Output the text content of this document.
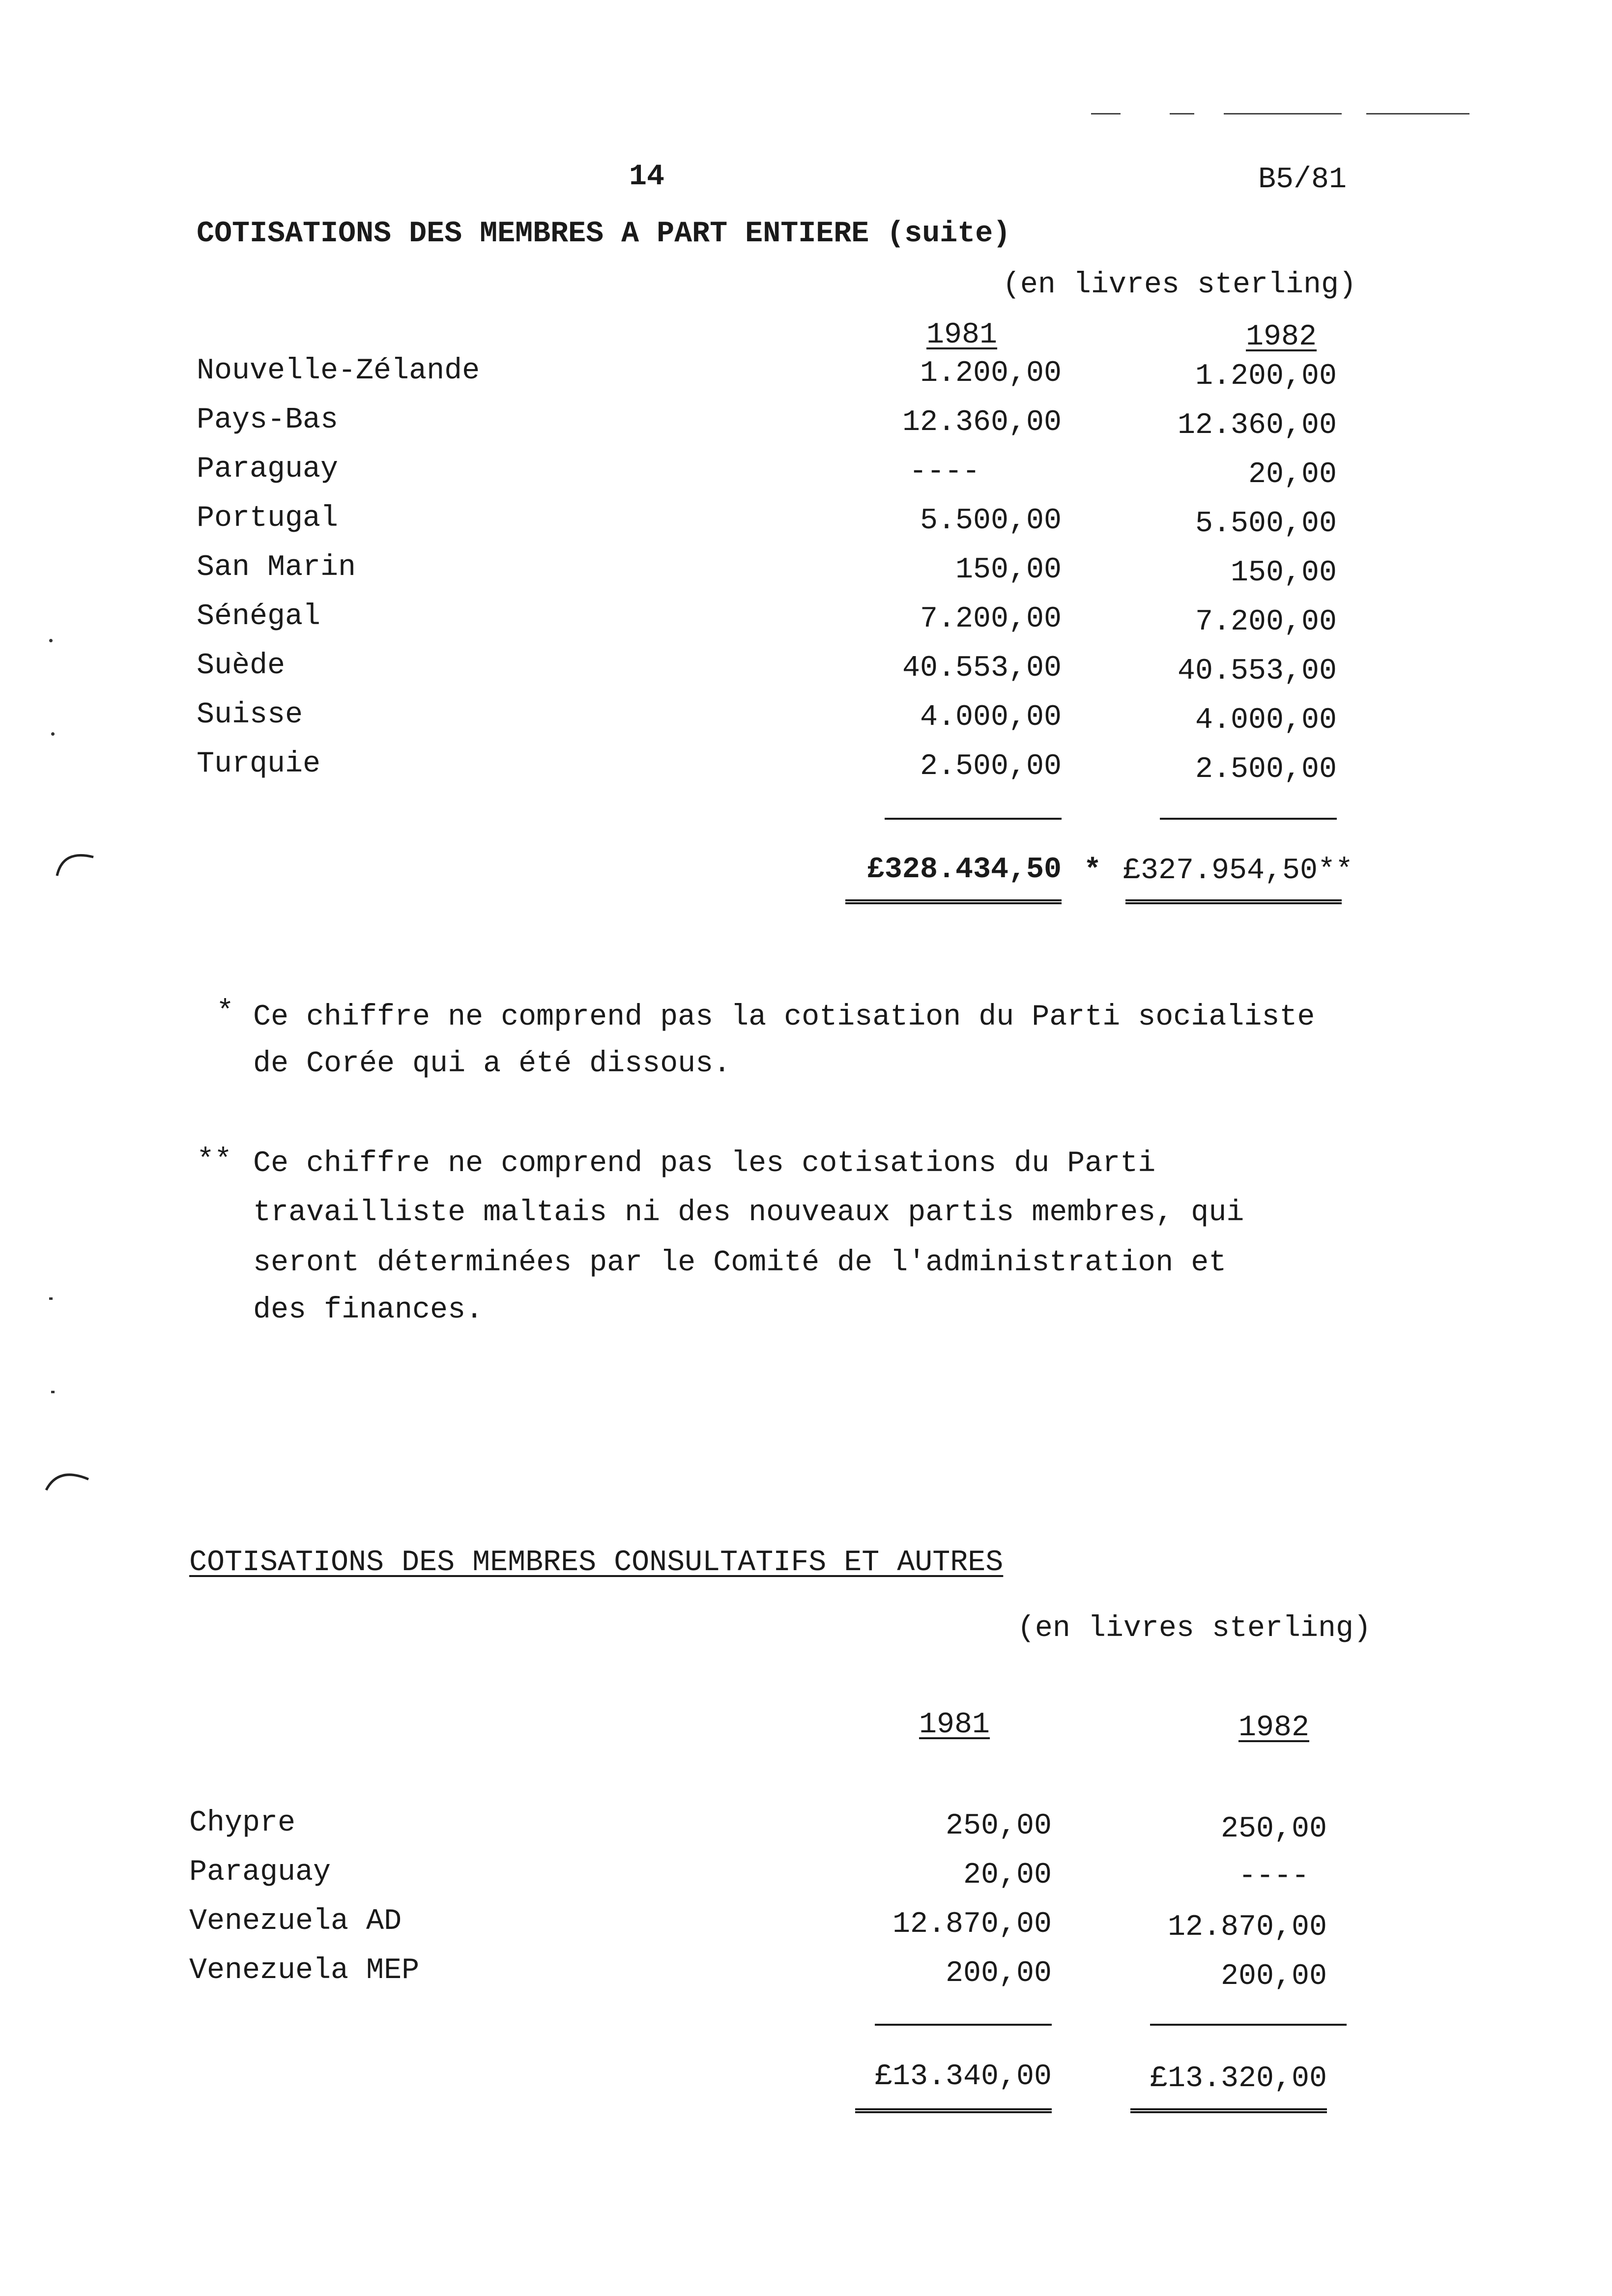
14	B5/81
COTISATIONS DES MEMBRES A PART ENTIERE (suite)
(en livres sterling)
1981	1982
Nouvelle-Zélande	1.200,00	1.200,00
Pays-Bas	12.360,00	12.360,00
Paraguay	----	20,00
Portugal	5.500,00	5.500,00
San Marin	150,00	150,00
Sénégal	7.200,00	7.200,00
Suède	40.553,00	40.553,00
Suisse	4.000,00	4.000,00
Turquie	2.500,00	2.500,00
£328.434,50 * £327.954,50**
* Ce chiffre ne comprend pas la cotisation du Parti socialiste
de Corée qui a été dissous.
** Ce chiffre ne comprend pas les cotisations du Parti
travailliste maltais ni des nouveaux partis membres, qui
seront déterminées par le Comité de l'administration et
des finances.
COTISATIONS DES MEMBRES CONSULTATIFS ET AUTRES
(en livres sterling)
1981	1982
Chypre	250,00	250,00
Paraguay	20,00	----
Venezuela AD	12.870,00	12.870,00
Venezuela MEP	200,00	200,00
£13.340,00	£13.320,00
